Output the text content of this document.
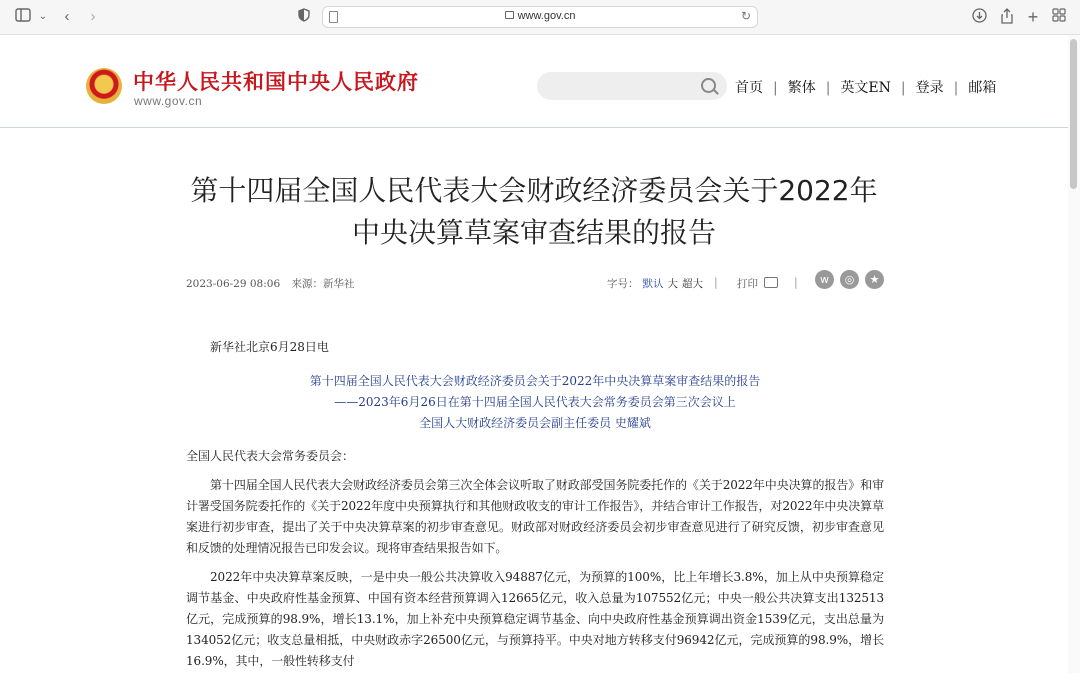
⌄	‹	›	www.gov.cn	↻	+
中华人民共和国中央人民政府
www.gov.cn
首页 | 繁体 | 英文EN | 登录 | 邮箱
第十四届全国人民代表大会财政经济委员会关于2022年
中央决算草案审查结果的报告
2023-06-29 08:06 来源：新华社	字号： 默认 大 超大 | 打印	|	w	◎	★
新华社北京6月28日电
第十四届全国人民代表大会财政经济委员会关于2022年中央决算草案审查结果的报告
——2023年6月26日在第十四届全国人民代表大会常务委员会第三次会议上
全国人大财政经济委员会副主任委员 史耀斌
全国人民代表大会常务委员会：

第十四届全国人民代表大会财政经济委员会第三次全体会议听取了财政部受国务院委托作的《关于2022年中央决算的报告》和审计署受国务院委托作的《关于2022年度中央预算执行和其他财政收支的审计工作报告》，并结合审计工作报告，对2022年中央决算草案进行初步审查，提出了关于中央决算草案的初步审查意见。财政部对财政经济委员会初步审查意见进行了研究反馈，初步审查意见和反馈的处理情况报告已印发会议。现将审查结果报告如下。

2022年中央决算草案反映，一是中央一般公共决算收入94887亿元，为预算的100%，比上年增长3.8%，加上从中央预算稳定调节基金、中央政府性基金预算、中国有资本经营预算调入12665亿元，收入总量为107552亿元；中央一般公共决算支出132513亿元，完成预算的98.9%，增长13.1%，加上补充中央预算稳定调节基金、向中央政府性基金预算调出资金1539亿元，支出总量为134052亿元；收支总量相抵，中央财政赤字26500亿元，与预算持平。中央对地方转移支付96942亿元，完成预算的98.9%，增长16.9%，其中，一般性转移支付
